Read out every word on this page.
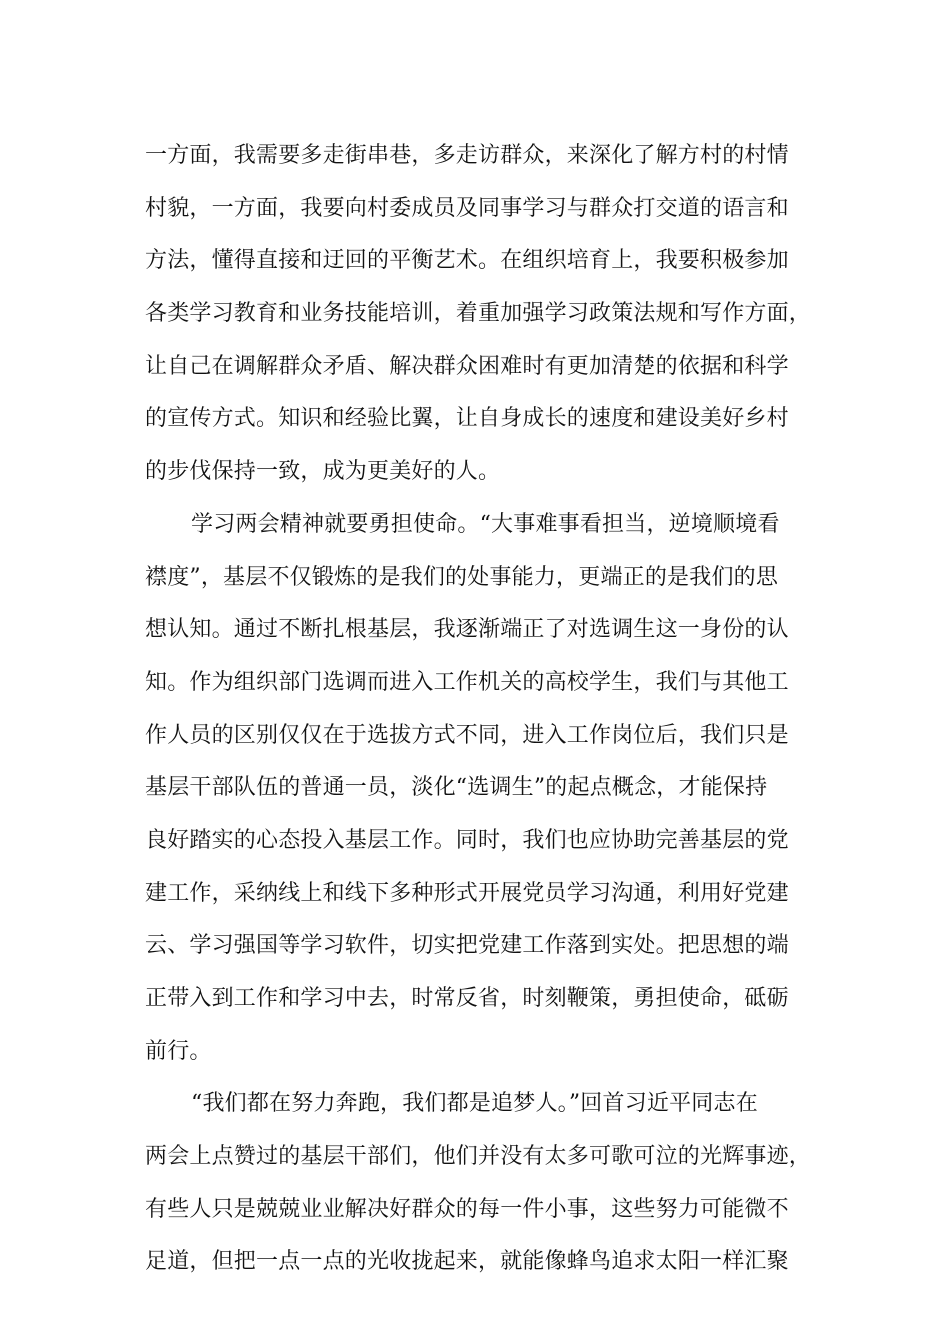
一方面，我需要多走街串巷，多走访群众，来深化了解方村的村情
村貌，一方面，我要向村委成员及同事学习与群众打交道的语言和
方法，懂得直接和迂回的平衡艺术。在组织培育上，我要积极参加
各类学习教育和业务技能培训，着重加强学习政策法规和写作方面，
让自己在调解群众矛盾、解决群众困难时有更加清楚的依据和科学
的宣传方式。知识和经验比翼，让自身成长的速度和建设美好乡村
的步伐保持一致，成为更美好的人。
学习两会精神就要勇担使命。“大事难事看担当，逆境顺境看
襟度”，基层不仅锻炼的是我们的处事能力，更端正的是我们的思
想认知。通过不断扎根基层，我逐渐端正了对选调生这一身份的认
知。作为组织部门选调而进入工作机关的高校学生，我们与其他工
作人员的区别仅仅在于选拔方式不同，进入工作岗位后，我们只是
基层干部队伍的普通一员，淡化“选调生”的起点概念，才能保持
良好踏实的心态投入基层工作。同时，我们也应协助完善基层的党
建工作，采纳线上和线下多种形式开展党员学习沟通，利用好党建
云、学习强国等学习软件，切实把党建工作落到实处。把思想的端
正带入到工作和学习中去，时常反省，时刻鞭策，勇担使命，砥砺
前行。
“我们都在努力奔跑，我们都是追梦人。”回首习近平同志在
两会上点赞过的基层干部们，他们并没有太多可歌可泣的光辉事迹，
有些人只是兢兢业业解决好群众的每一件小事，这些努力可能微不
足道，但把一点一点的光收拢起来，就能像蜂鸟追求太阳一样汇聚
